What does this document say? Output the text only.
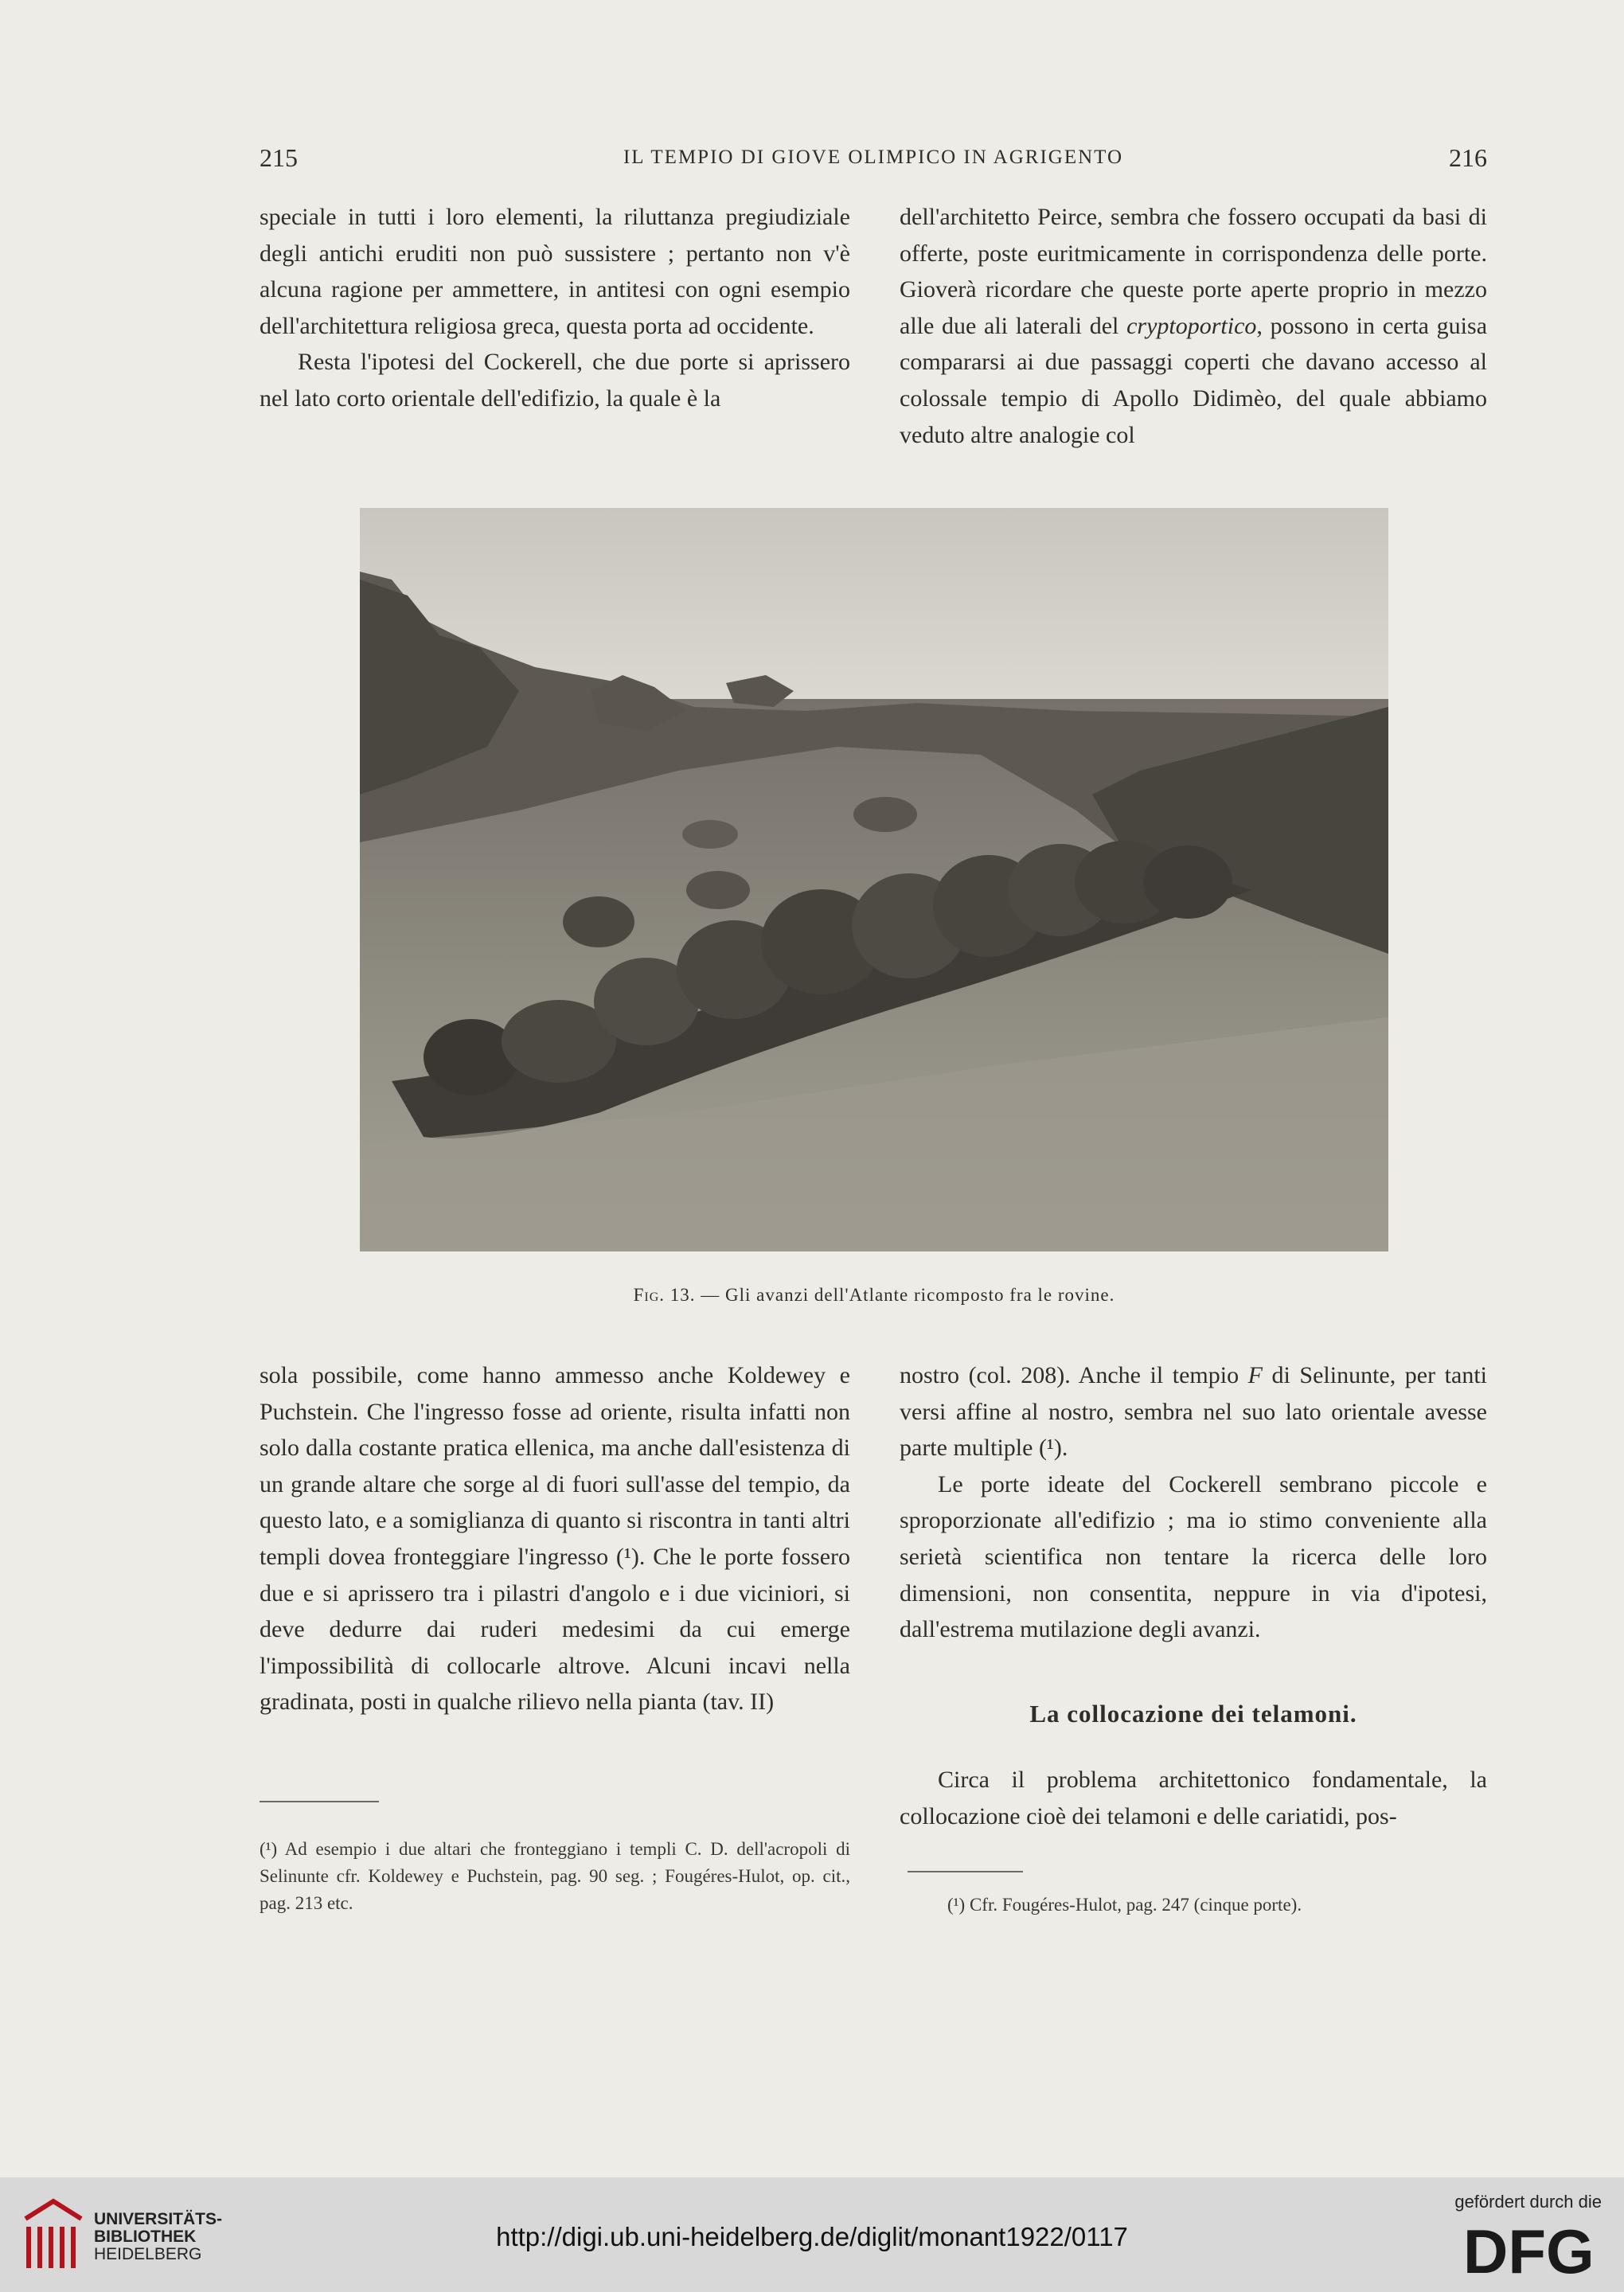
215	IL TEMPIO DI GIOVE OLIMPICO IN AGRIGENTO	216

speciale in tutti i loro elementi, la riluttanza pregiudiziale degli antichi eruditi non può sussistere ; pertanto non v'è alcuna ragione per ammettere, in antitesi con ogni esempio dell'architettura religiosa greca, questa porta ad occidente.

Resta l'ipotesi del Cockerell, che due porte si aprissero nel lato corto orientale dell'edifizio, la quale è la

dell'architetto Peirce, sembra che fossero occupati da basi di offerte, poste euritmicamente in corrispondenza delle porte. Gioverà ricordare che queste porte aperte proprio in mezzo alle due ali laterali del cryptoportico, possono in certa guisa compararsi ai due passaggi coperti che davano accesso al colossale tempio di Apollo Didimèo, del quale abbiamo veduto altre analogie col

Fig. 13. — Gli avanzi dell'Atlante ricomposto fra le rovine.

sola possibile, come hanno ammesso anche Koldewey e Puchstein. Che l'ingresso fosse ad oriente, risulta infatti non solo dalla costante pratica ellenica, ma anche dall'esistenza di un grande altare che sorge al di fuori sull'asse del tempio, da questo lato, e a somiglianza di quanto si riscontra in tanti altri templi dovea fronteggiare l'ingresso (¹). Che le porte fossero due e si aprissero tra i pilastri d'angolo e i due viciniori, si deve dedurre dai ruderi medesimi da cui emerge l'impossibilità di collocarle altrove. Alcuni incavi nella gradinata, posti in qualche rilievo nella pianta (tav. II)

(¹) Ad esempio i due altari che fronteggiano i templi C. D. dell'acropoli di Selinunte cfr. Koldewey e Puchstein, pag. 90 seg. ; Fougéres-Hulot, op. cit., pag. 213 etc.

nostro (col. 208). Anche il tempio F di Selinunte, per tanti versi affine al nostro, sembra nel suo lato orientale avesse parte multiple (¹).

Le porte ideate del Cockerell sembrano piccole e sproporzionate all'edifizio ; ma io stimo conveniente alla serietà scientifica non tentare la ricerca delle loro dimensioni, non consentita, neppure in via d'ipotesi, dall'estrema mutilazione degli avanzi.

La collocazione dei telamoni.

Circa il problema architettonico fondamentale, la collocazione cioè dei telamoni e delle cariatidi, pos-

(¹) Cfr. Fougéres-Hulot, pag. 247 (cinque porte).
UNIVERSITÄTS-
BIBLIOTHEK
HEIDELBERG
http://digi.ub.uni-heidelberg.de/diglit/monant1922/0117
gefördert durch die
DFG
